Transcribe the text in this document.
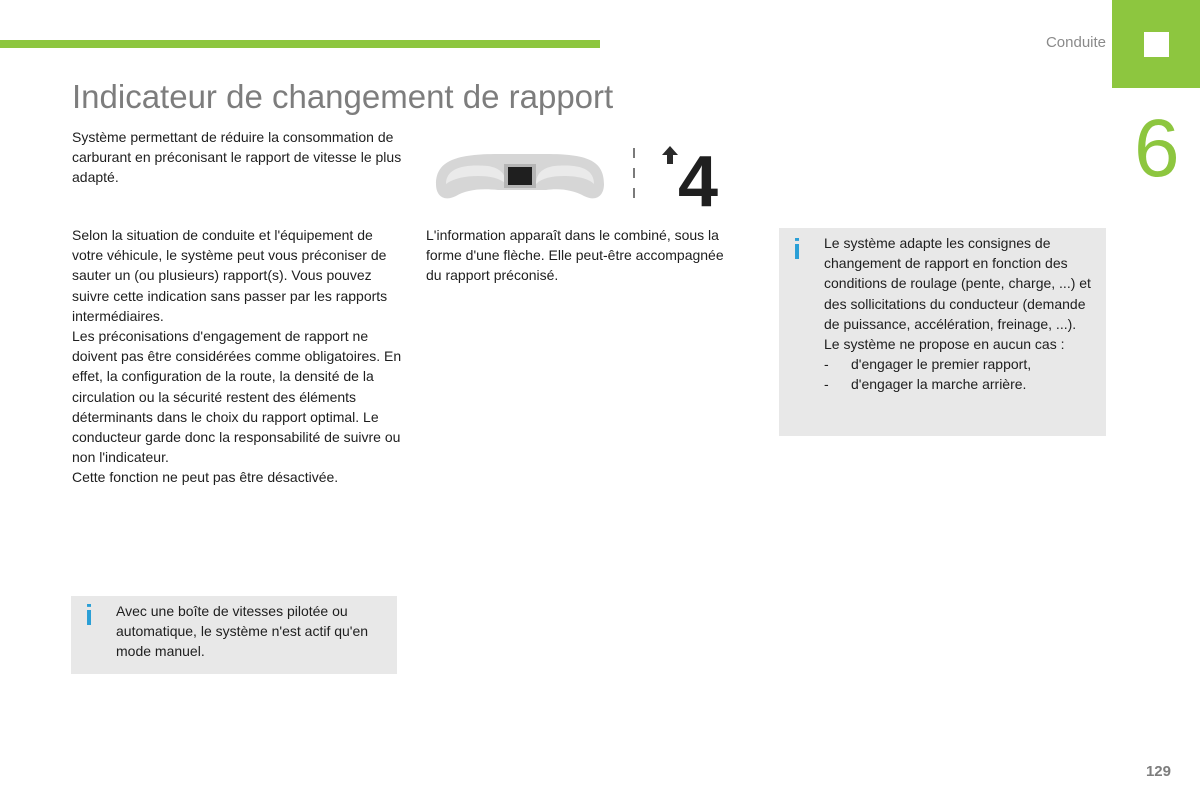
Conduite
6
Indicateur de changement de rapport
Système permettant de réduire la consommation de carburant en préconisant le rapport de vitesse le plus adapté.

Selon la situation de conduite et l'équipement de votre véhicule, le système peut vous préconiser de sauter un (ou plusieurs) rapport(s). Vous pouvez suivre cette indication sans passer par les rapports intermédiaires.

Les préconisations d'engagement de rapport ne doivent pas être considérées comme obligatoires. En effet, la configuration de la route, la densité de la circulation ou la sécurité restent des éléments déterminants dans le choix du rapport optimal. Le conducteur garde donc la responsabilité de suivre ou non l'indicateur.

Cette fonction ne peut pas être désactivée.

L'information apparaît dans le combiné, sous la forme d'une flèche. Elle peut-être accompagnée du rapport préconisé.
4
i Avec une boîte de vitesses pilotée ou automatique, le système n'est actif qu'en mode manuel.
i Le système adapte les consignes de changement de rapport en fonction des conditions de roulage (pente, charge, ...) et des sollicitations du conducteur (demande de puissance, accélération, freinage, ...).

Le système ne propose en aucun cas :

-	d'engager le premier rapport,
-	d'engager la marche arrière.
129
